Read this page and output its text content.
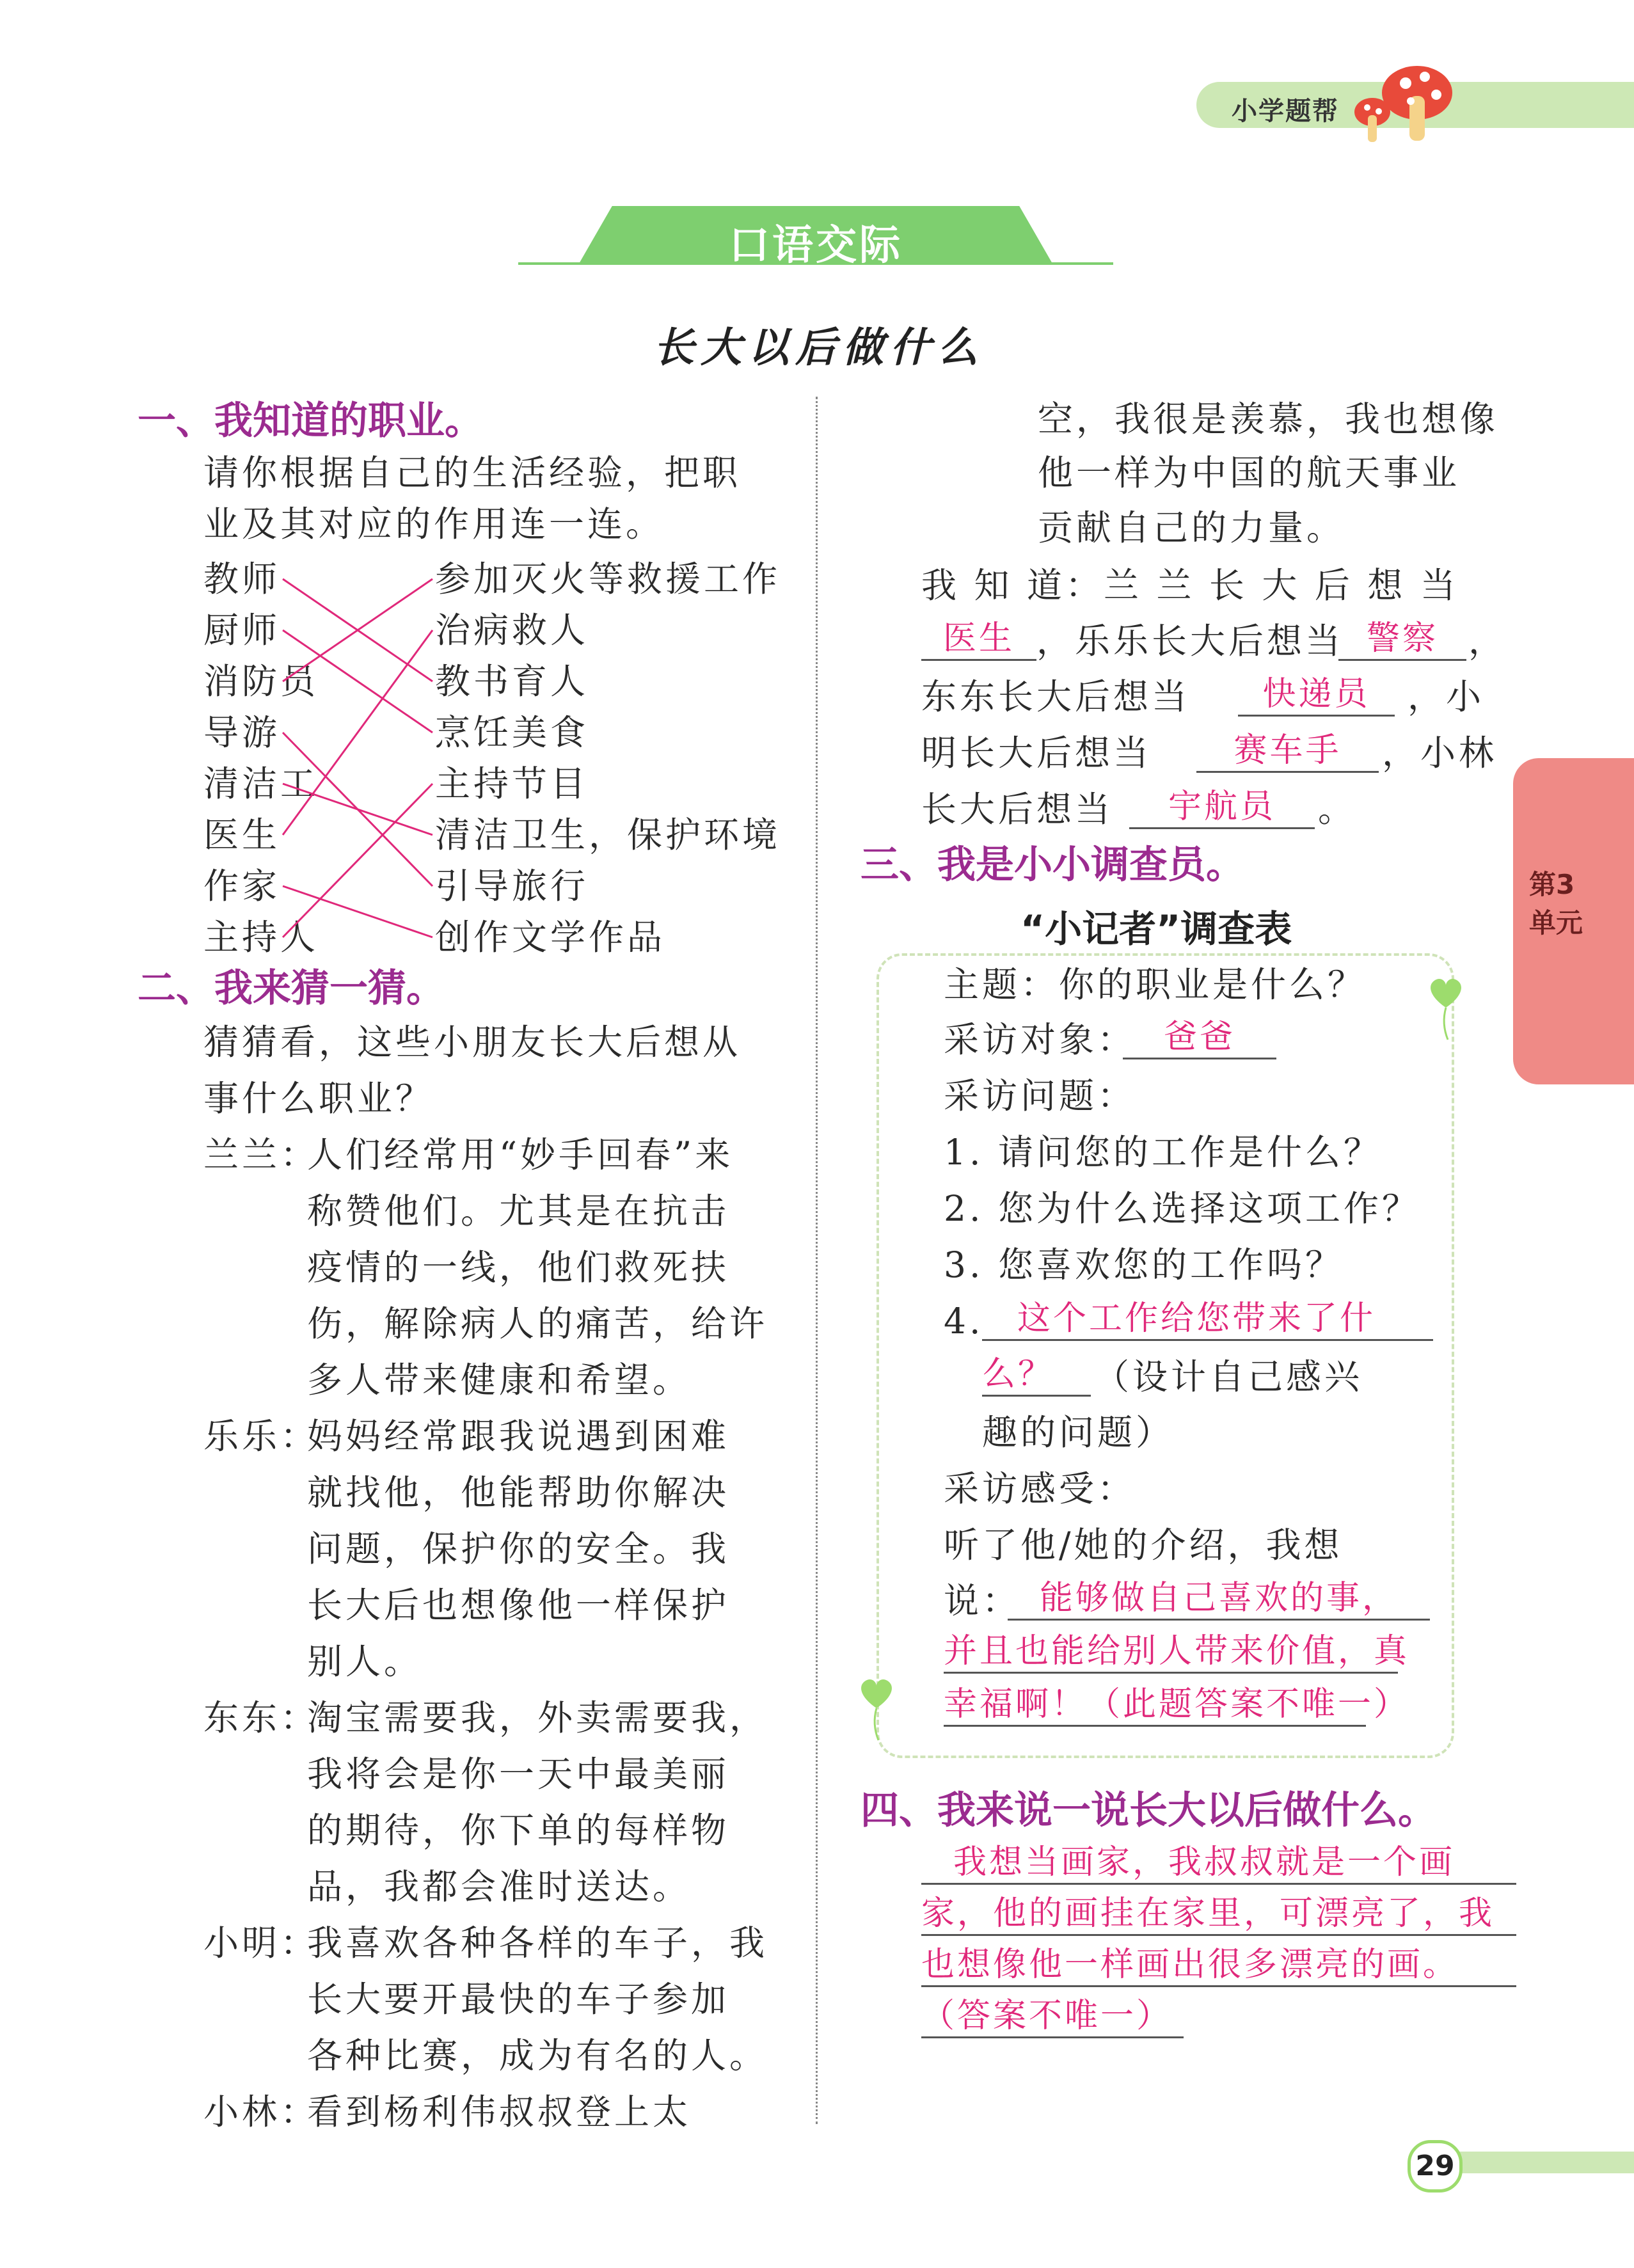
小学题帮
第3
单元
口语交际
长大以后做什么
一、我知道的职业。
请你根据自己的生活经验，把职
业及其对应的作用连一连。
教师
厨师
消防员
导游
清洁工
医生
作家
主持人
参加灭火等救援工作
治病救人
教书育人
烹饪美食
主持节目
清洁卫生，保护环境
引导旅行
创作文学作品
二、我来猜一猜。
猜猜看，这些小朋友长大后想从
事什么职业？
兰兰：
人们经常用“妙手回春”来
称赞他们。尤其是在抗击
疫情的一线，他们救死扶
伤，解除病人的痛苦，给许
多人带来健康和希望。
乐乐：
妈妈经常跟我说遇到困难
就找他，他能帮助你解决
问题，保护你的安全。我
长大后也想像他一样保护
别人。
东东：
淘宝需要我，外卖需要我，
我将会是你一天中最美丽
的期待，你下单的每样物
品，我都会准时送达。
小明：
我喜欢各种各样的车子，我
长大要开最快的车子参加
各种比赛，成为有名的人。
小林：
看到杨利伟叔叔登上太
空，我很是羡慕，我也想像
他一样为中国的航天事业
贡献自己的力量。
我 知 道：兰 兰 长 大 后 想 当
医生 ，乐乐长大后想当 警察 ，
东东长大后想当	快递员	，小
明长大后想当	赛车手	，小林
长大后想当	宇航员	。
三、我是小小调查员。
“小记者”调查表
主题：你的职业是什么？
采访对象： 爸爸
采访问题：
1. 请问您的工作是什么？
2. 您为什么选择这项工作？
3. 您喜欢您的工作吗？
4.	这个工作给您带来了什
么？	（设计自己感兴
趣的问题）
采访感受：
听了他/她的介绍，我想
说： 能够做自己喜欢的事，
并且也能给别人带来价值，真
幸福啊！（此题答案不唯一）
四、我来说一说长大以后做什么。
我想当画家，我叔叔就是一个画
家，他的画挂在家里，可漂亮了，我
也想像他一样画出很多漂亮的画。
（答案不唯一）
29
